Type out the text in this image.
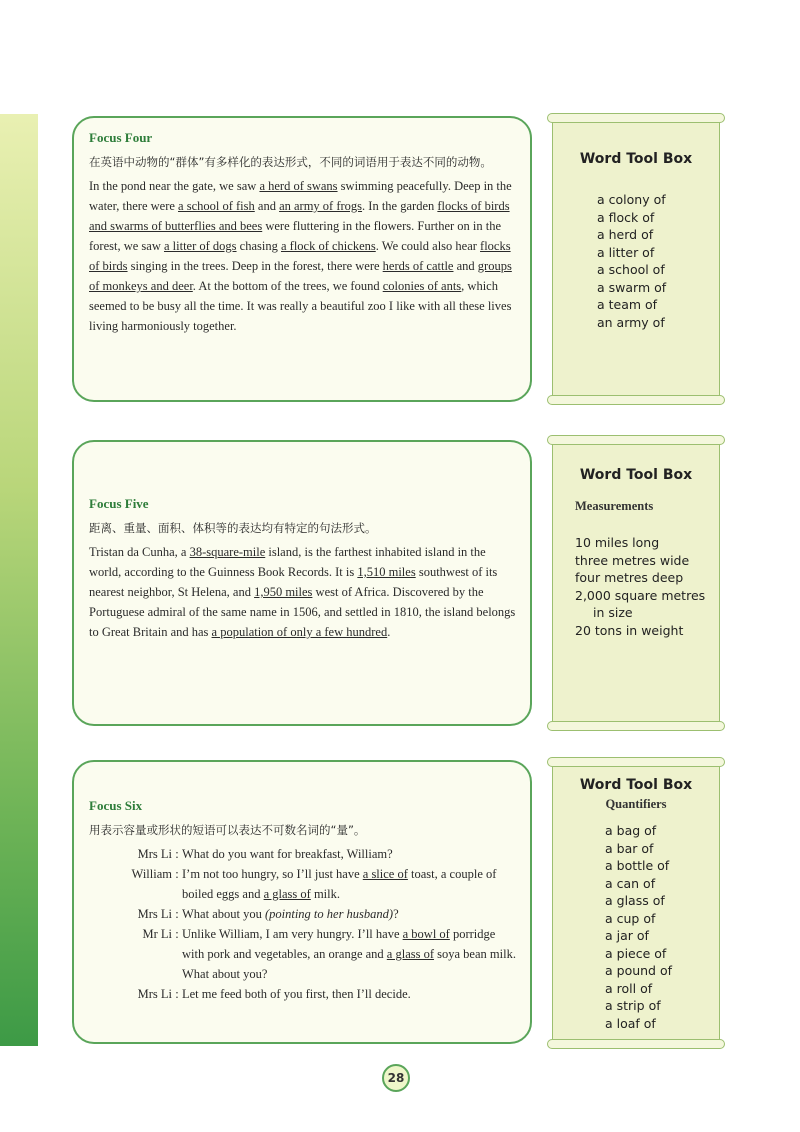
Focus Four

在英语中动物的“群体”有多样化的表达形式，不同的词语用于表达不同的动物。

In the pond near the gate, we saw a herd of swans swimming peacefully. Deep in the water, there were a school of fish and an army of frogs. In the garden flocks of birds and swarms of butterflies and bees were fluttering in the flowers. Further on in the forest, we saw a litter of dogs chasing a flock of chickens. We could also hear flocks of birds singing in the trees. Deep in the forest, there were herds of cattle and groups of monkeys and deer. At the bottom of the trees, we found colonies of ants, which seemed to be busy all the time. It was really a beautiful zoo I like with all these lives living harmoniously together.

Word Tool Box

a colony of
a flock of
a herd of
a litter of
a school of
a swarm of
a team of
an army of

Focus Five

距离、重量、面积、体积等的表达均有特定的句法形式。

Tristan da Cunha, a 38-square-mile island, is the farthest inhabited island in the world, according to the Guinness Book Records. It is 1,510 miles southwest of its nearest neighbor, St Helena, and 1,950 miles west of Africa. Discovered by the Portuguese admiral of the same name in 1506, and settled in 1810, the island belongs to Great Britain and has a population of only a few hundred.

Word Tool Box

Measurements

10 miles long
three metres wide
four metres deep
2,000 square metres
in size
20 tons in weight

Focus Six

用表示容量或形状的短语可以表达不可数名词的“量”。

Mrs Li : What do you want for breakfast, William?
William : I’m not too hungry, so I’ll just have a slice of toast, a couple of boiled eggs and a glass of milk.
Mrs Li : What about you (pointing to her husband)?
Mr Li : Unlike William, I am very hungry. I’ll have a bowl of porridge with pork and vegetables, an orange and a glass of soya bean milk. What about you?
Mrs Li : Let me feed both of you first, then I’ll decide.

Word Tool Box

Quantifiers

a bag of
a bar of
a bottle of
a can of
a glass of
a cup of
a jar of
a piece of
a pound of
a roll of
a strip of
a loaf of
28
